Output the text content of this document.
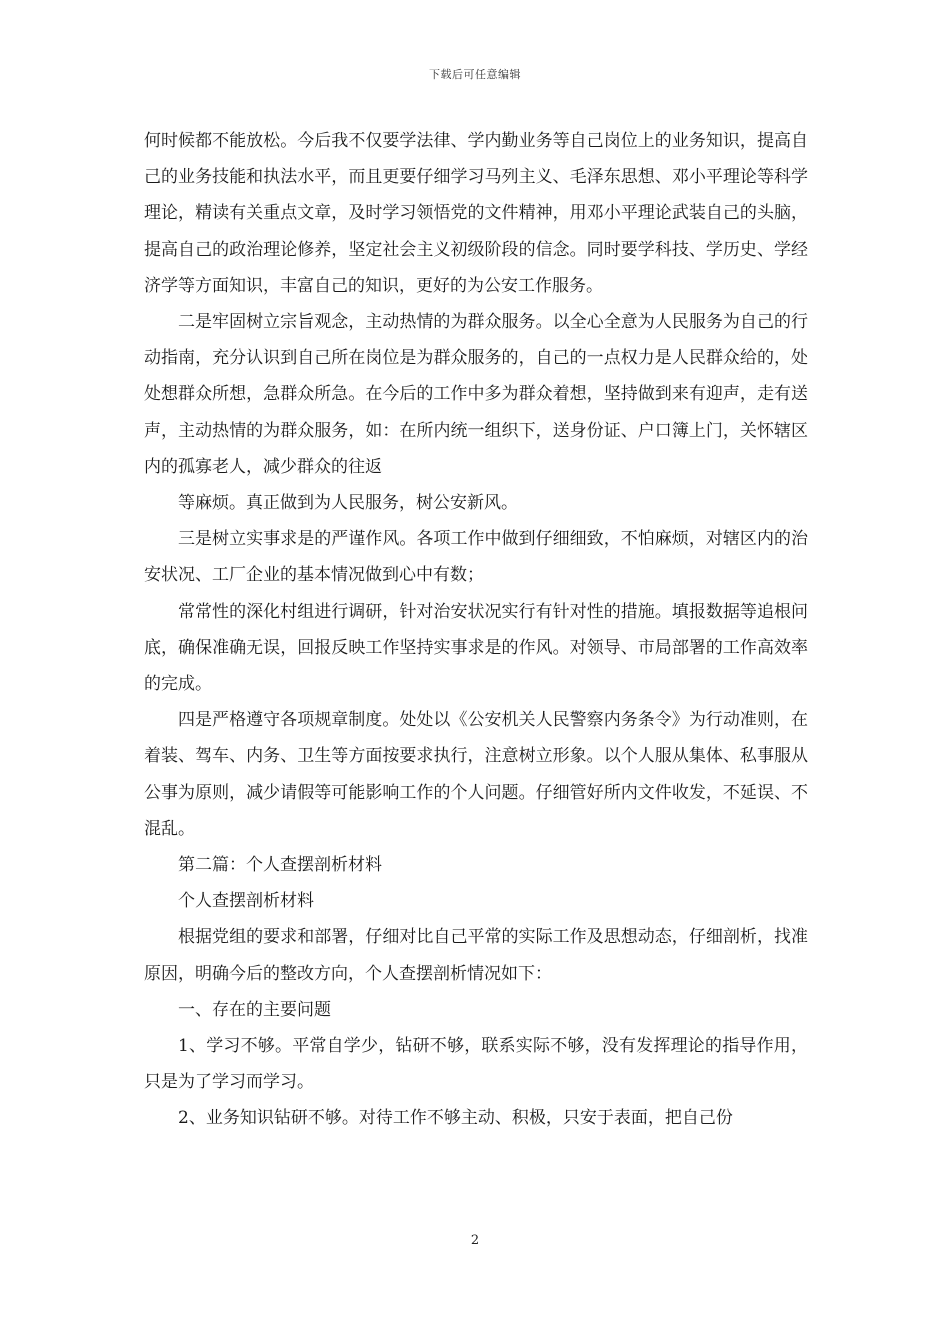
下载后可任意编辑

何时候都不能放松。今后我不仅要学法律、学内勤业务等自己岗位上的业务知识，提高自己的业务技能和执法水平，而且更要仔细学习马列主义、毛泽东思想、邓小平理论等科学理论，精读有关重点文章，及时学习领悟党的文件精神，用邓小平理论武装自己的头脑，提高自己的政治理论修养，坚定社会主义初级阶段的信念。同时要学科技、学历史、学经济学等方面知识，丰富自己的知识，更好的为公安工作服务。

二是牢固树立宗旨观念，主动热情的为群众服务。以全心全意为人民服务为自己的行动指南，充分认识到自己所在岗位是为群众服务的，自己的一点权力是人民群众给的，处处想群众所想，急群众所急。在今后的工作中多为群众着想，坚持做到来有迎声，走有送声，主动热情的为群众服务，如：在所内统一组织下，送身份证、户口簿上门，关怀辖区内的孤寡老人，减少群众的往返

等麻烦。真正做到为人民服务，树公安新风。

三是树立实事求是的严谨作风。各项工作中做到仔细细致，不怕麻烦，对辖区内的治安状况、工厂企业的基本情况做到心中有数；

常常性的深化村组进行调研，针对治安状况实行有针对性的措施。填报数据等追根问底，确保准确无误，回报反映工作坚持实事求是的作风。对领导、市局部署的工作高效率的完成。

四是严格遵守各项规章制度。处处以《公安机关人民警察内务条令》为行动准则，在着装、驾车、内务、卫生等方面按要求执行，注意树立形象。以个人服从集体、私事服从公事为原则，减少请假等可能影响工作的个人问题。仔细管好所内文件收发，不延误、不混乱。

第二篇：个人查摆剖析材料

个人查摆剖析材料

根据党组的要求和部署，仔细对比自己平常的实际工作及思想动态，仔细剖析，找准原因，明确今后的整改方向，个人查摆剖析情况如下：

一、存在的主要问题

1、学习不够。平常自学少，钻研不够，联系实际不够，没有发挥理论的指导作用，只是为了学习而学习。

2、业务知识钻研不够。对待工作不够主动、积极，只安于表面，把自己份

2
